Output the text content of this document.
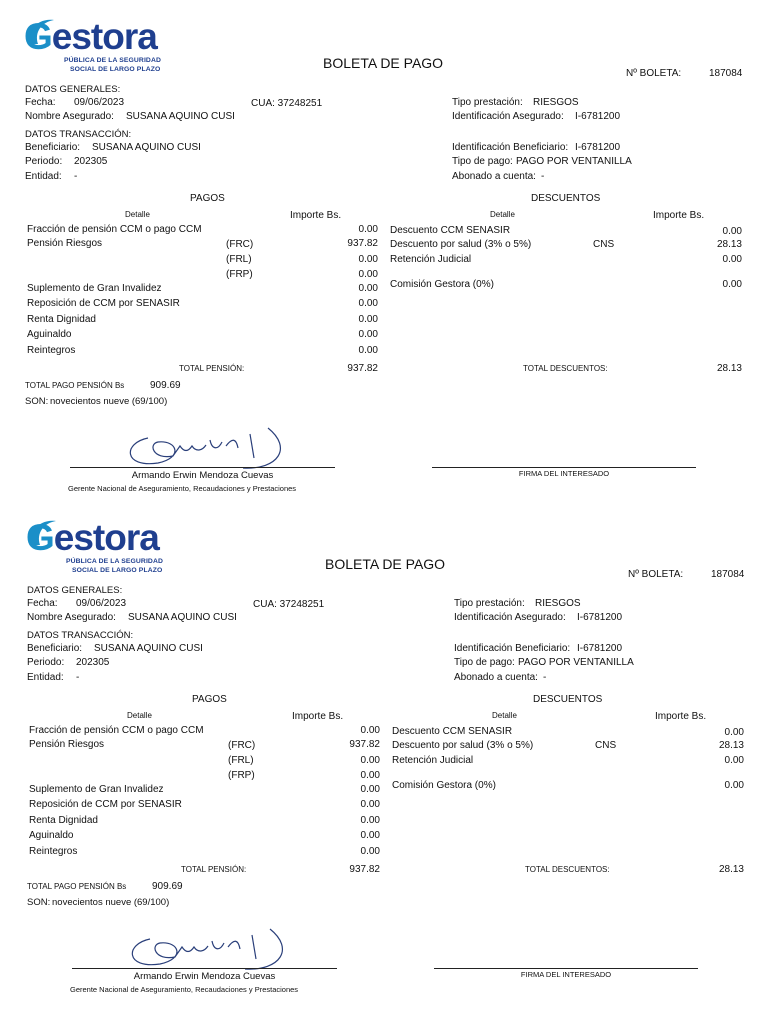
Gestora
PÚBLICA DE LA SEGURIDAD
SOCIAL DE LARGO PLAZO	BOLETA DE PAGO
Nº BOLETA:	187084
DATOS GENERALES:
Fecha: 09/06/2023	CUA: 37248251
Nombre Asegurado: SUSANA AQUINO CUSI
Tipo prestación: RIESGOS
Identificación Asegurado: I-6781200
DATOS TRANSACCIÓN:
Beneficiario: SUSANA AQUINO CUSI
Periodo: 202305
Entidad: -
Identificación Beneficiario: I-6781200
Tipo de pago: PAGO POR VENTANILLA
Abonado a cuenta: -
PAGOS
Detalle	Importe Bs.
Fracción de pensión CCM o pago CCM	0.00
Pensión Riesgos	(FRC)	937.82
(FRL)	0.00
(FRP)	0.00
Suplemento de Gran Invalidez	0.00
Reposición de CCM por SENASIR	0.00
Renta Dignidad	0.00
Aguinaldo	0.00
Reintegros	0.00
TOTAL PENSIÓN:	937.82
DESCUENTOS
Detalle	Importe Bs.
Descuento CCM SENASIR	0.00
Descuento por salud (3% o 5%)	CNS	28.13
Retención Judicial	0.00
Comisión Gestora (0%)	0.00
TOTAL DESCUENTOS:	28.13
TOTAL PAGO PENSIÓN Bs	909.69
SON: novecientos nueve (69/100)
Armando Erwin Mendoza Cuevas
Gerente Nacional de Aseguramiento, Recaudaciones y Prestaciones
FIRMA DEL INTERESADO
Gestora
PÚBLICA DE LA SEGURIDAD
SOCIAL DE LARGO PLAZO	BOLETA DE PAGO
Nº BOLETA:	187084
DATOS GENERALES:
Fecha: 09/06/2023	CUA: 37248251
Nombre Asegurado: SUSANA AQUINO CUSI
Tipo prestación: RIESGOS
Identificación Asegurado: I-6781200
DATOS TRANSACCIÓN:
Beneficiario: SUSANA AQUINO CUSI
Periodo: 202305
Entidad: -
Identificación Beneficiario: I-6781200
Tipo de pago: PAGO POR VENTANILLA
Abonado a cuenta: -
PAGOS
Detalle	Importe Bs.
Fracción de pensión CCM o pago CCM	0.00
Pensión Riesgos	(FRC)	937.82
(FRL)	0.00
(FRP)	0.00
Suplemento de Gran Invalidez	0.00
Reposición de CCM por SENASIR	0.00
Renta Dignidad	0.00
Aguinaldo	0.00
Reintegros	0.00
TOTAL PENSIÓN:	937.82
DESCUENTOS
Detalle	Importe Bs.
Descuento CCM SENASIR	0.00
Descuento por salud (3% o 5%)	CNS	28.13
Retención Judicial	0.00
Comisión Gestora (0%)	0.00
TOTAL DESCUENTOS:	28.13
TOTAL PAGO PENSIÓN Bs	909.69
SON: novecientos nueve (69/100)
Armando Erwin Mendoza Cuevas
Gerente Nacional de Aseguramiento, Recaudaciones y Prestaciones
FIRMA DEL INTERESADO
